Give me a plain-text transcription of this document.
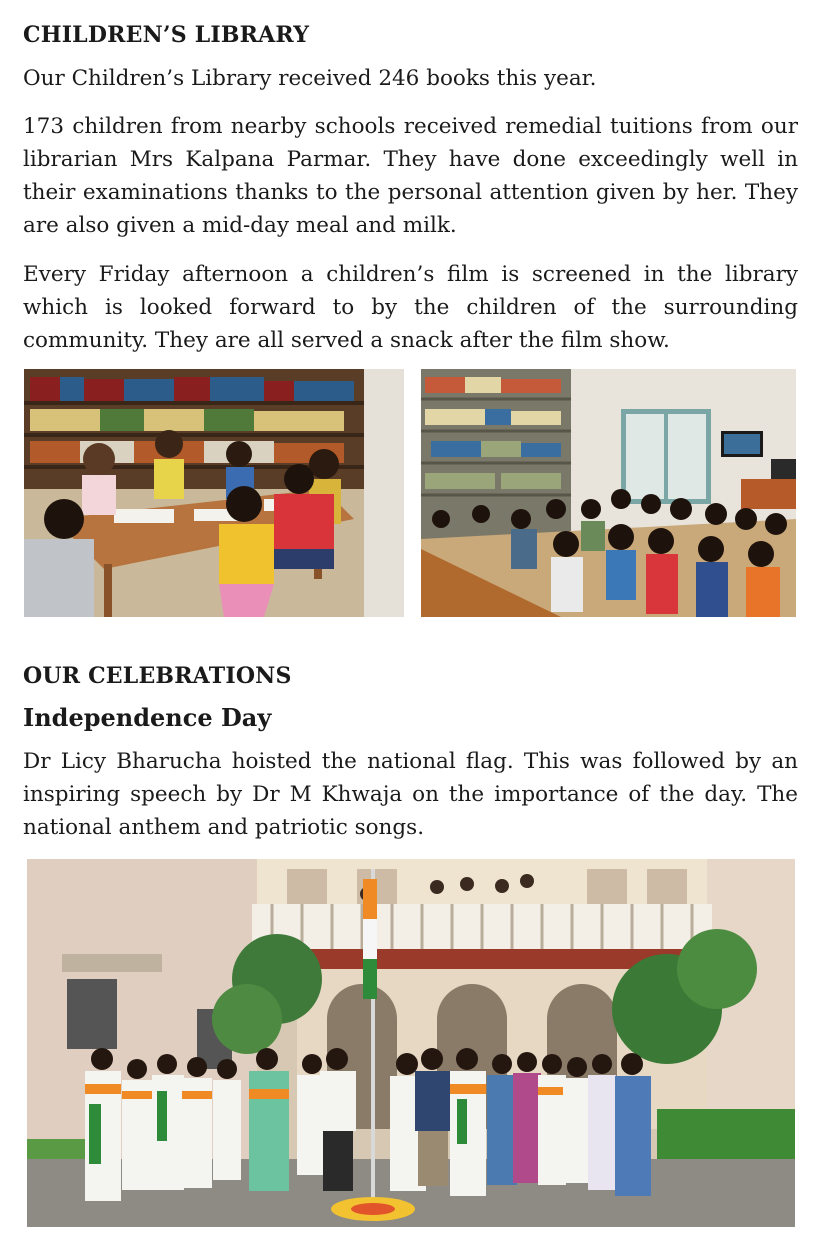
CHILDREN’S LIBRARY

Our Children’s Library received 246 books this year.

173 children from nearby schools received remedial tuitions from our librarian Mrs Kalpana Parmar. They have done exceedingly well in their examinations thanks to the personal attention given by her. They are also given a mid-day meal and milk.

Every Friday afternoon a children’s film is screened in the library which is looked forward to by the children of the surrounding community. They are all served a snack after the film show.

OUR CELEBRATIONS
Independence Day

Dr Licy Bharucha hoisted the national flag. This was followed by an inspiring speech by Dr M Khwaja on the importance of the day. The national anthem and patriotic songs.
